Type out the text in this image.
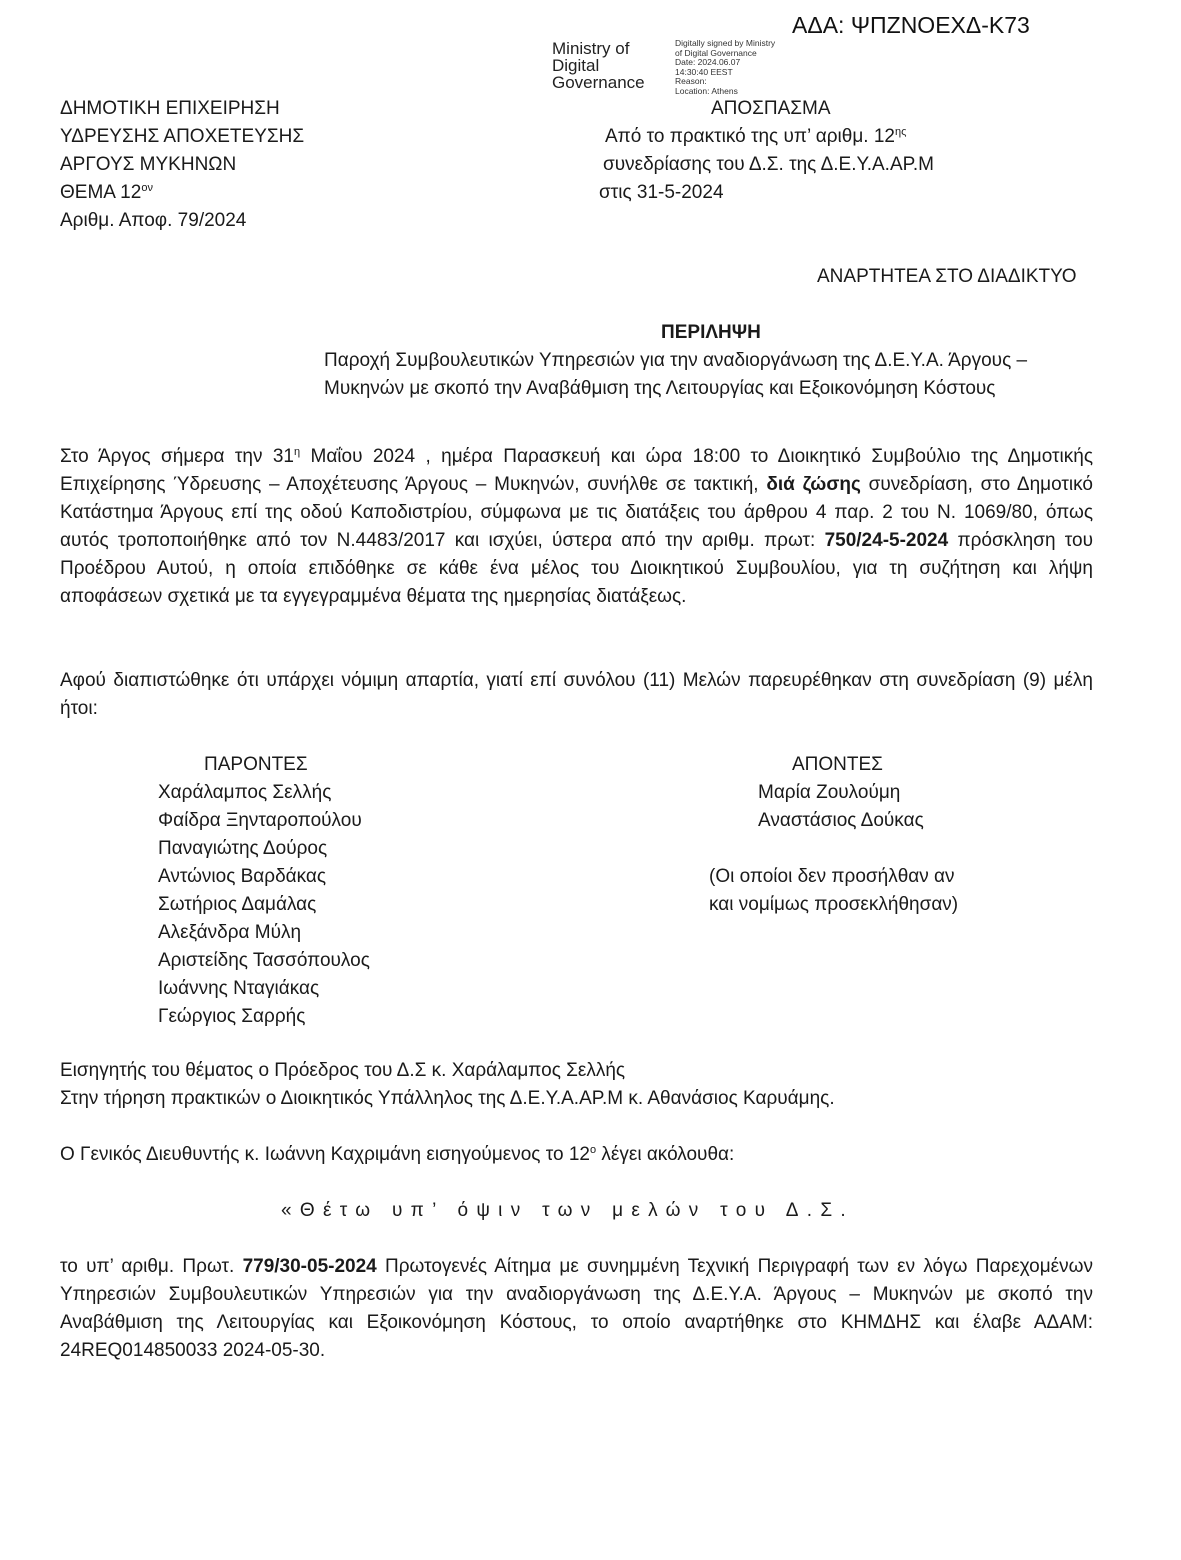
ΑΔΑ: ΨΠΖΝΟΕΧΔ-Κ73
Ministry of
Digital
Governance
Digitally signed by Ministry
of Digital Governance
Date: 2024.06.07
14:30:40 EEST
Reason:
Location: Athens
ΔΗΜΟΤΙΚΗ ΕΠΙΧΕΙΡΗΣΗ
ΥΔΡΕΥΣΗΣ ΑΠΟΧΕΤΕΥΣΗΣ
ΑΡΓΟΥΣ ΜΥΚΗΝΩΝ
ΘΕΜΑ $12^{o\nu}$
Αριθμ. Αποφ. 79/2024
ΑΠΟΣΠΑΣΜΑ
Από το πρακτικό της υπ’ αριθμ. $12^{\eta\varsigma}$
συνεδρίασης του Δ.Σ. της Δ.Ε.Υ.Α.ΑΡ.Μ
στις 31-5-2024
ΑΝΑΡΤΗΤΕΑ ΣΤΟ ΔΙΑΔΙΚΤΥΟ
ΠΕΡΙΛΗΨΗ
Παροχή Συμβουλευτικών Υπηρεσιών για την αναδιοργάνωση της Δ.Ε.Υ.Α. Άργους –
Μυκηνών με σκοπό την Αναβάθμιση της Λειτουργίας και Εξοικονόμηση Κόστους
Στο Άργος σήμερα την $31^\eta$ Μαΐου 2024 , ημέρα Παρασκευή και ώρα 18:00 το Διοικητικό Συμβούλιο της Δημοτικής Επιχείρησης Ύδρευσης – Αποχέτευσης Άργους – Μυκηνών, συνήλθε σε τακτική, διά ζώσης συνεδρίαση, στο Δημοτικό Κατάστημα Άργους επί της οδού Καποδιστρίου, σύμφωνα με τις διατάξεις του άρθρου 4 παρ. 2 του Ν. 1069/80, όπως αυτός τροποποιήθηκε από τον Ν.4483/2017 και ισχύει, ύστερα από την αριθμ. πρωτ: 750/24-5-2024 πρόσκληση του Προέδρου Αυτού, η οποία επιδόθηκε σε κάθε ένα μέλος του Διοικητικού Συμβουλίου, για τη συζήτηση και λήψη αποφάσεων σχετικά με τα εγγεγραμμένα θέματα της ημερησίας διατάξεως.
Αφού διαπιστώθηκε ότι υπάρχει νόμιμη απαρτία, γιατί επί συνόλου (11) Μελών παρευρέθηκαν στη συνεδρίαση (9) μέλη ήτοι:
ΠΑΡΟΝΤΕΣ
Χαράλαμπος Σελλής
Φαίδρα Ξηνταροπούλου
Παναγιώτης Δούρος
Αντώνιος Βαρδάκας
Σωτήριος Δαμάλας
Αλεξάνδρα Μύλη
Αριστείδης Τασσόπουλος
Ιωάννης Νταγιάκας
Γεώργιος Σαρρής
ΑΠΟΝΤΕΣ
Μαρία Ζουλούμη
Αναστάσιος Δούκας
(Οι οποίοι δεν προσήλθαν αν
και νομίμως προσεκλήθησαν)
Εισηγητής του θέματος ο Πρόεδρος του Δ.Σ κ. Χαράλαμπος Σελλής
Στην τήρηση πρακτικών ο Διοικητικός Υπάλληλος της Δ.Ε.Υ.Α.ΑΡ.Μ κ. Αθανάσιος Καρυάμης.
Ο Γενικός Διευθυντής κ. Ιωάννη Καχριμάνη εισηγούμενος το $12^o$ λέγει ακόλουθα:
«Θέτω υπ’ όψιν των μελών του Δ.Σ.
το υπ’ αριθμ. Πρωτ. 779/30-05-2024 Πρωτογενές Αίτημα με συνημμένη Τεχνική Περιγραφή των εν λόγω Παρεχομένων Υπηρεσιών Συμβουλευτικών Υπηρεσιών για την αναδιοργάνωση της Δ.Ε.Υ.Α. Άργους – Μυκηνών με σκοπό την Αναβάθμιση της Λειτουργίας και Εξοικονόμηση Κόστους, το οποίο αναρτήθηκε στο ΚΗΜΔΗΣ και έλαβε ΑΔΑΜ: 24REQ014850033 2024-05-30.
